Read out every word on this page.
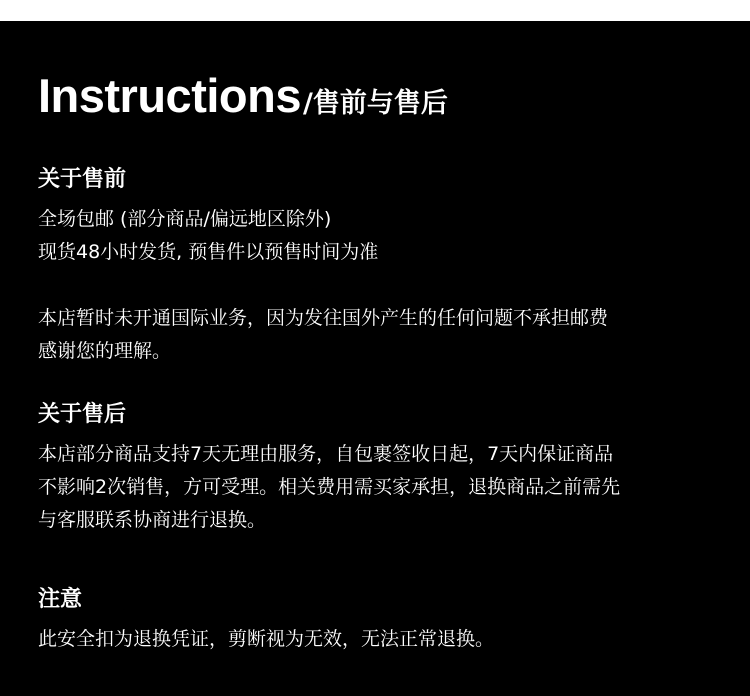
Instructions /售前与售后
关于售前
全场包邮 (部分商品/偏远地区除外)
现货48小时发货, 预售件以预售时间为准
本店暂时未开通国际业务，因为发往国外产生的任何问题不承担邮费
感谢您的理解。
关于售后
本店部分商品支持7天无理由服务，自包裹签收日起，7天内保证商品
不影响2次销售，方可受理。相关费用需买家承担，退换商品之前需先
与客服联系协商进行退换。
注意
此安全扣为退换凭证，剪断视为无效，无法正常退换。
